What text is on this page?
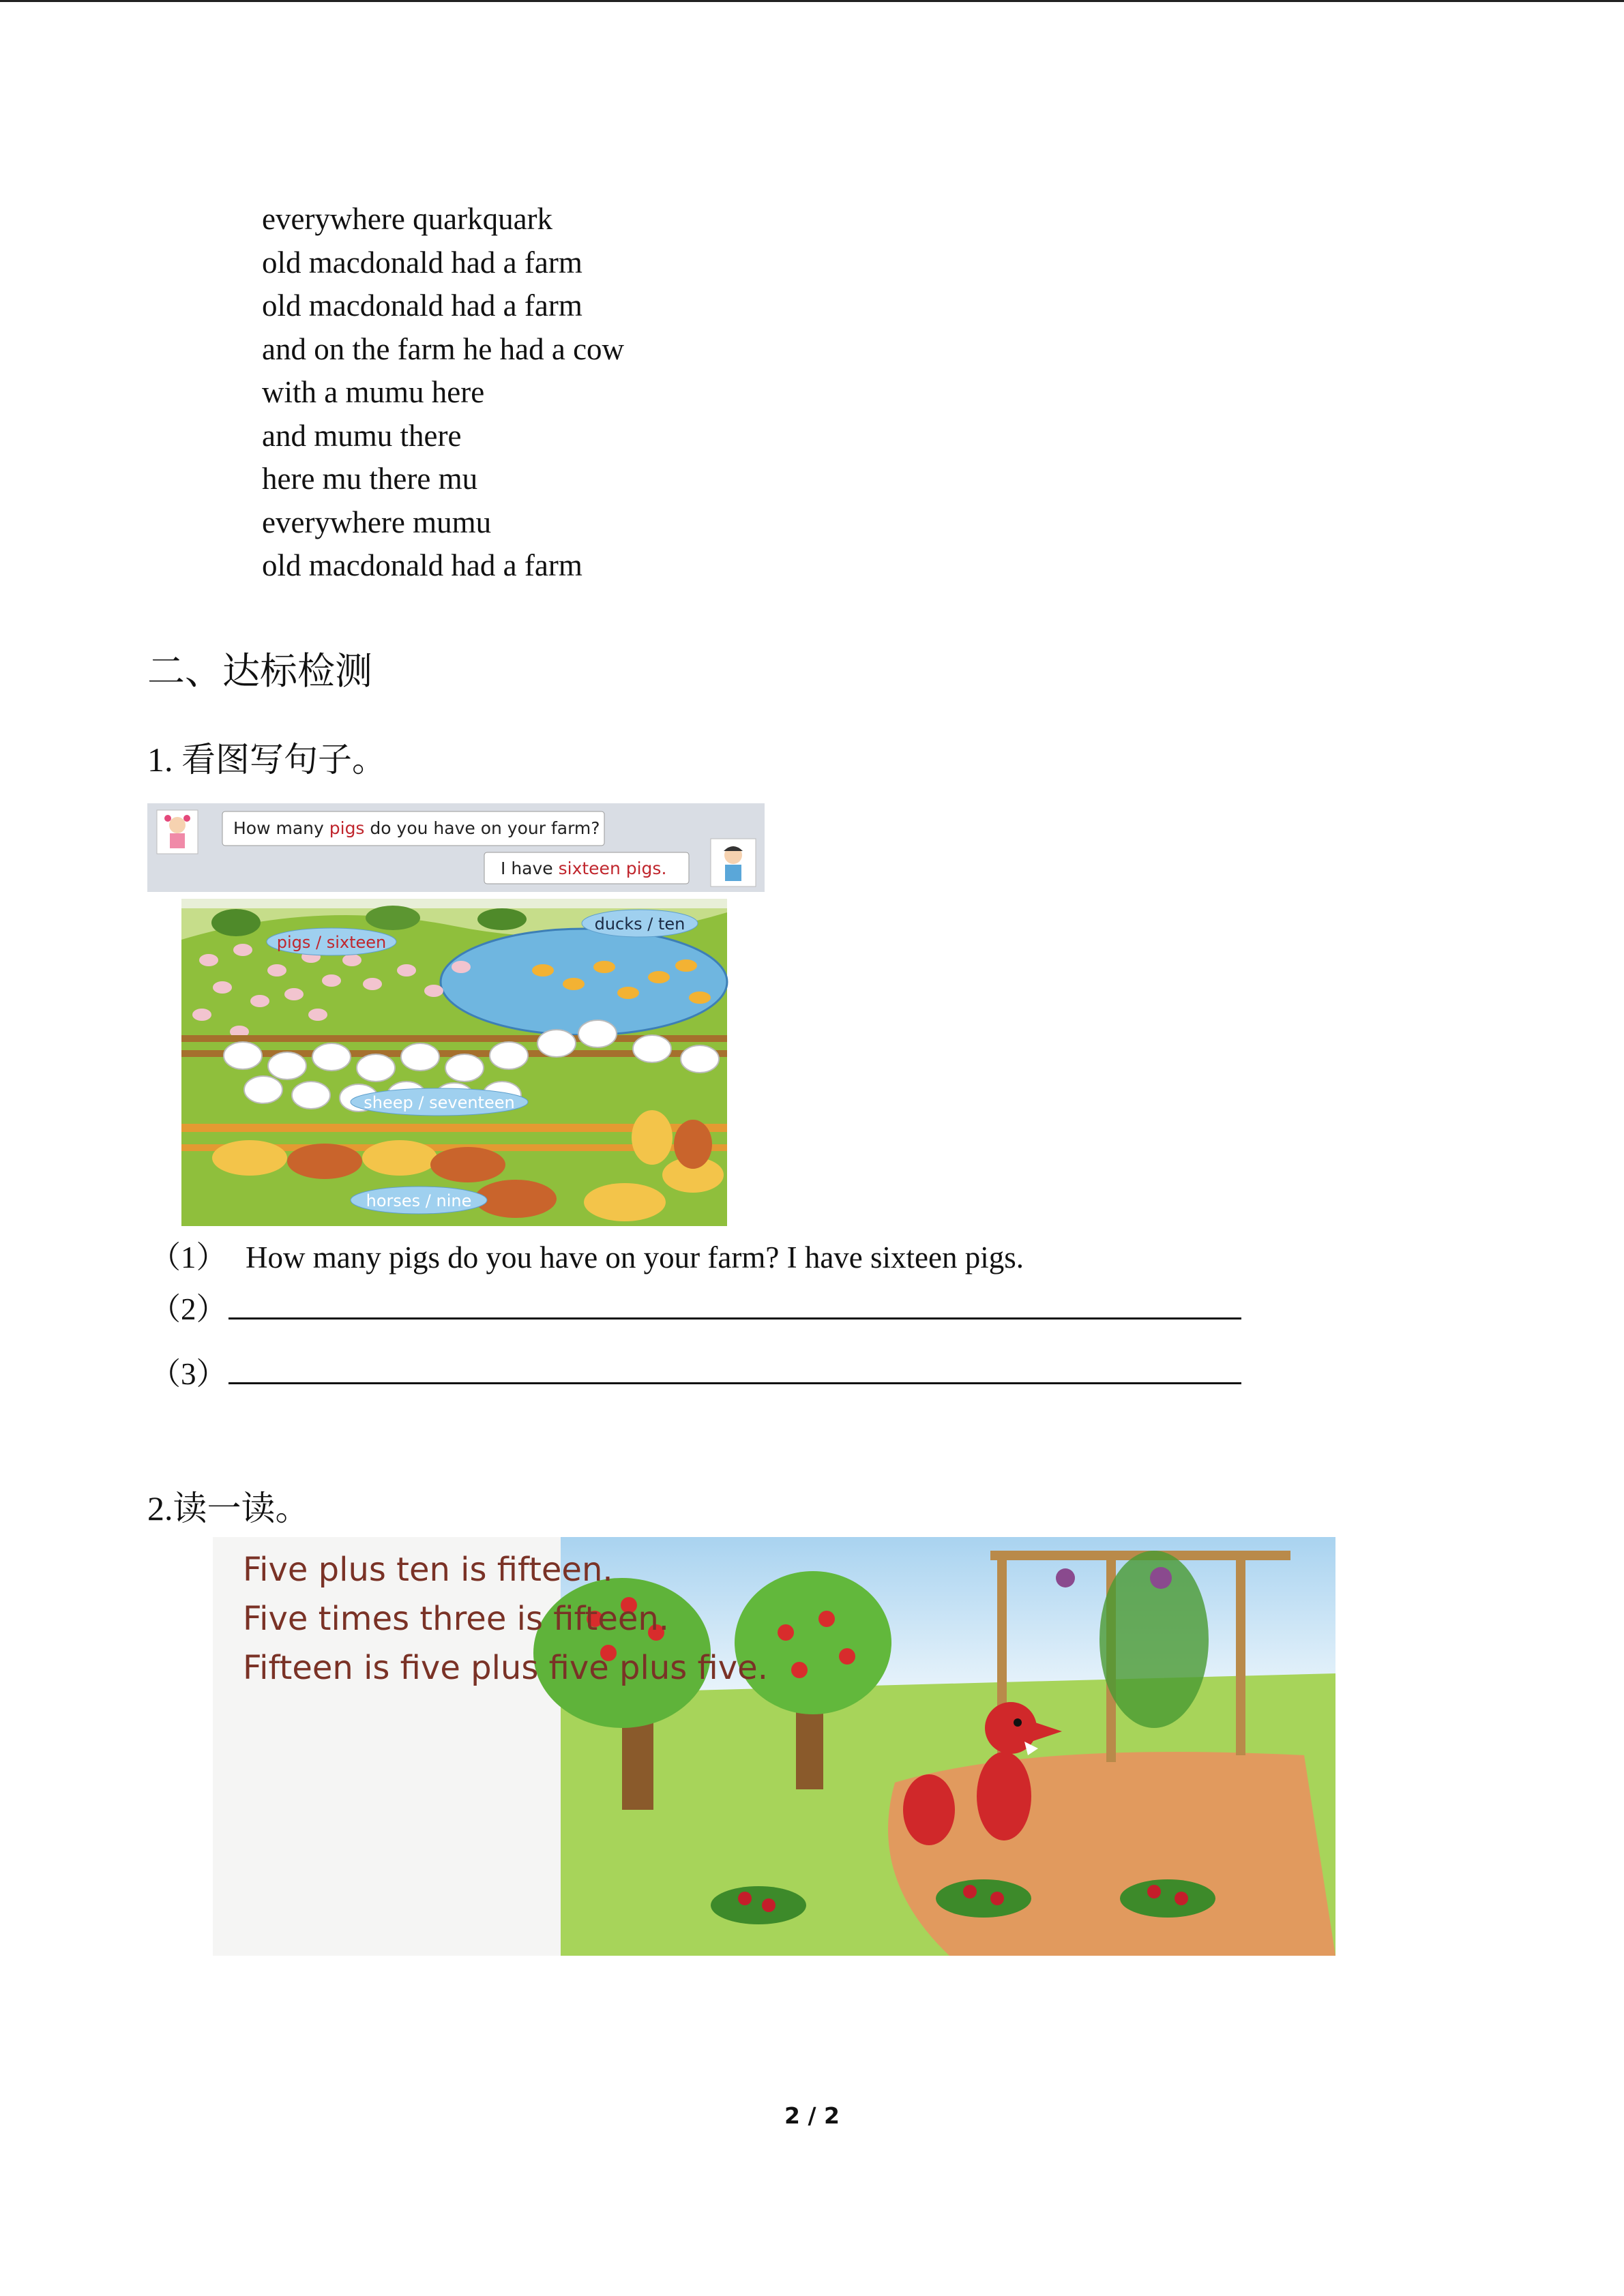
everywhere quarkquark
old macdonald had a farm
old macdonald had a farm
and on the farm he had a cow
with a mumu here
and mumu there
here mu there mu
everywhere mumu
old macdonald had a farm
二、达标检测
1. 看图写句子。
How many pigs do you have on your farm?
I have sixteen pigs.
pigs / sixteen
ducks / ten
sheep / seventeen
horses / nine
（1） How many pigs do you have on your farm? I have sixteen pigs.
（2）
（3）
2.读一读。
Five plus ten is fifteen.
Five times three is fifteen.
Fifteen is five plus five plus five.
2 / 2
